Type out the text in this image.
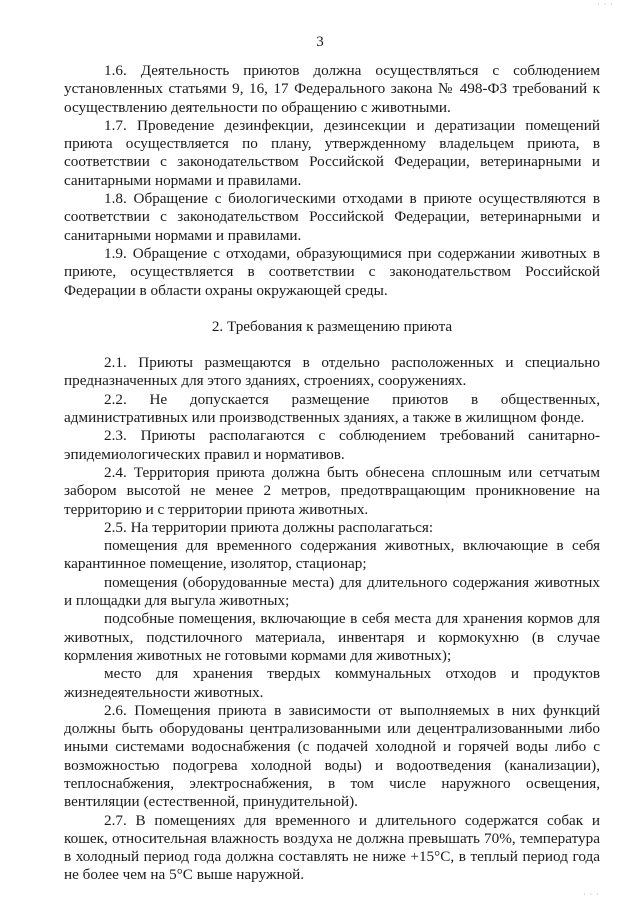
· · ·
3

1.6. Деятельность приютов должна осуществляться с соблюдением установленных статьями 9, 16, 17 Федерального закона № 498-ФЗ требований к осуществлению деятельности по обращению с животными.

1.7. Проведение дезинфекции, дезинсекции и дератизации помещений приюта осуществляется по плану, утвержденному владельцем приюта, в соответствии с законодательством Российской Федерации, ветеринарными и санитарными нормами и правилами.

1.8. Обращение с биологическими отходами в приюте осуществляются в соответствии с законодательством Российской Федерации, ветеринарными и санитарными нормами и правилами.

1.9. Обращение с отходами, образующимися при содержании животных в приюте, осуществляется в соответствии с законодательством Российской Федерации в области охраны окружающей среды.

2. Требования к размещению приюта

2.1. Приюты размещаются в отдельно расположенных и специально предназначенных для этого зданиях, строениях, сооружениях.

2.2. Не допускается размещение приютов в общественных, административных или производственных зданиях, а также в жилищном фонде.

2.3. Приюты располагаются с соблюдением требований санитарно-эпидемиологических правил и нормативов.

2.4. Территория приюта должна быть обнесена сплошным или сетчатым забором высотой не менее 2 метров, предотвращающим проникновение на территорию и с территории приюта животных.

2.5. На территории приюта должны располагаться:

помещения для временного содержания животных, включающие в себя карантинное помещение, изолятор, стационар;

помещения (оборудованные места) для длительного содержания животных и площадки для выгула животных;

подсобные помещения, включающие в себя места для хранения кормов для животных, подстилочного материала, инвентаря и кормокухню (в случае кормления животных не готовыми кормами для животных);

место для хранения твердых коммунальных отходов и продуктов жизнедеятельности животных.

2.6. Помещения приюта в зависимости от выполняемых в них функций должны быть оборудованы централизованными или децентрализованными либо иными системами водоснабжения (с подачей холодной и горячей воды либо с возможностью подогрева холодной воды) и водоотведения (канализации), теплоснабжения, электроснабжения, в том числе наружного освещения, вентиляции (естественной, принудительной).

2.7. В помещениях для временного и длительного содержатся собак и кошек, относительная влажность воздуха не должна превышать 70%, температура в холодный период года должна составлять не ниже +15°C, в теплый период года не более чем на 5°C выше наружной.

· · ·
